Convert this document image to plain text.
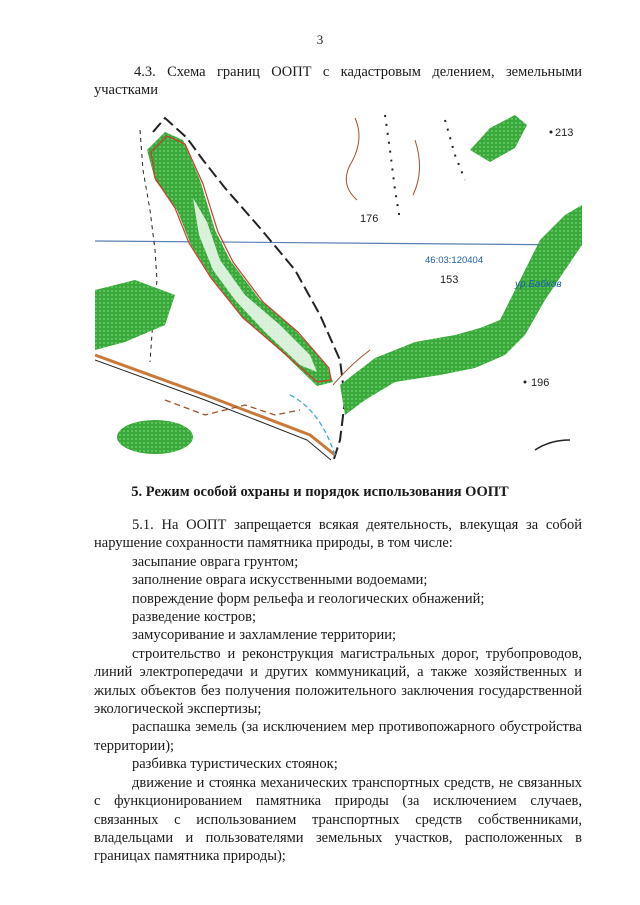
3
4.3. Схема границ ООПТ с кадастровым делением, земельными участками
213
176
46:03:120404
153	ур.Бабков
196
5. Режим особой охраны и порядок использования ООПТ

5.1. На ООПТ запрещается всякая деятельность, влекущая за собой нарушение сохранности памятника природы, в том числе:

засыпание оврага грунтом;

заполнение оврага искусственными водоемами;

повреждение форм рельефа и геологических обнажений;

разведение костров;

замусоривание и захламление территории;

строительство и реконструкция магистральных дорог, трубопроводов, линий электропередачи и других коммуникаций, а также хозяйственных и жилых объектов без получения положительного заключения государственной экологической экспертизы;

распашка земель (за исключением мер противопожарного обустройства территории);

разбивка туристических стоянок;

движение и стоянка механических транспортных средств, не связанных с функционированием памятника природы (за исключением случаев, связанных с использованием транспортных средств собственниками, владельцами и пользователями земельных участков, расположенных в границах памятника природы);
